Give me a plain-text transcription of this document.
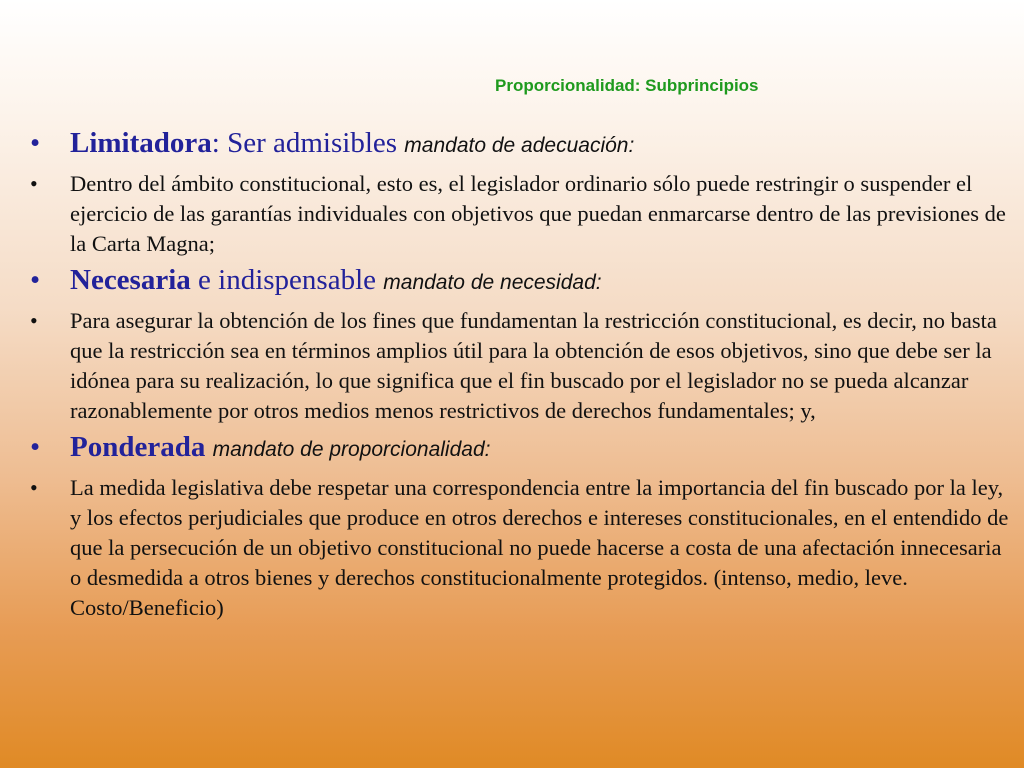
Proporcionalidad: Subprincipios
• Limitadora: Ser admisibles mandato de adecuación:
• Dentro del ámbito constitucional, esto es, el legislador ordinario sólo puede restringir o suspender el ejercicio de las garantías individuales con objetivos que puedan enmarcarse dentro de las previsiones de la Carta Magna;
• Necesaria e indispensable mandato de necesidad:
• Para asegurar la obtención de los fines que fundamentan la restricción constitucional, es decir, no basta que la restricción sea en términos amplios útil para la obtención de esos objetivos, sino que debe ser la idónea para su realización, lo que significa que el fin buscado por el legislador no se pueda alcanzar razonablemente por otros medios menos restrictivos de derechos fundamentales; y,
• Ponderada mandato de proporcionalidad:
• La medida legislativa debe respetar una correspondencia entre la importancia del fin buscado por la ley, y los efectos perjudiciales que produce en otros derechos e intereses constitucionales, en el entendido de que la persecución de un objetivo constitucional no puede hacerse a costa de una afectación innecesaria o desmedida a otros bienes y derechos constitucionalmente protegidos. (intenso, medio, leve. Costo/Beneficio)
